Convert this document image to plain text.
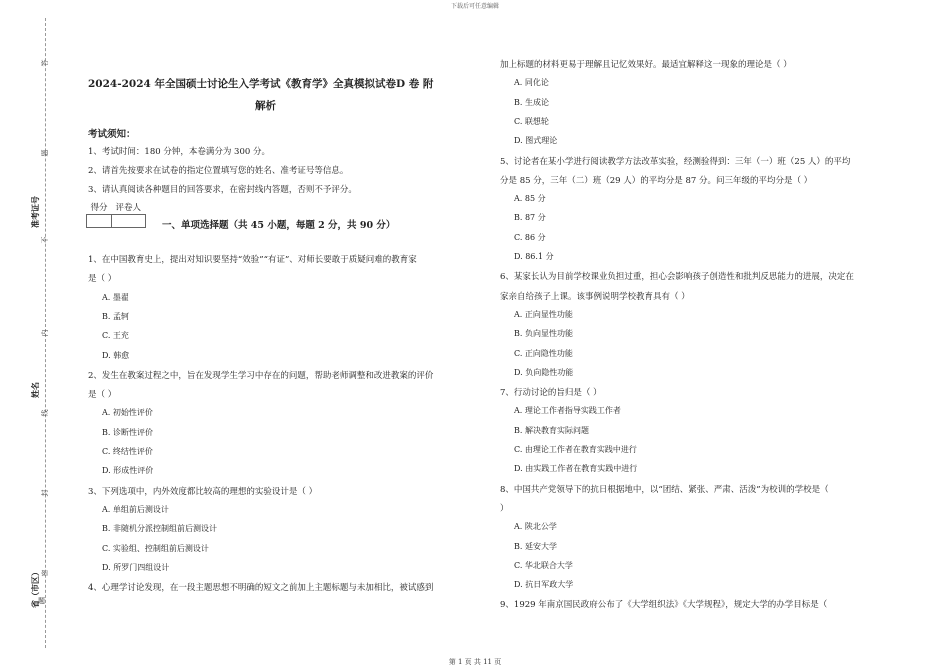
下载后可任意编辑
答
题
不
内
线
封
密
准考证号
姓名
省（市区）
题
2024-2024 年全国硕士讨论生入学考试《教育学》全真模拟试卷D 卷 附
解析
考试须知：
1、考试时间：180 分钟，本卷满分为 300 分。
2、请首先按要求在试卷的指定位置填写您的姓名、准考证号等信息。
3、请认真阅读各种题目的回答要求，在密封线内答题，否则不予评分。
得分	评卷人

一、单项选择题（共 45 小题，每题 2 分，共 90 分）
1、在中国教育史上，提出对知识要坚持“效验”“有证”、对师长要敢于质疑问难的教育家
是（ ）
A. 墨翟
B. 孟轲
C. 王充
D. 韩愈
2、发生在教案过程之中，旨在发现学生学习中存在的问题，帮助老师调整和改进教案的评价
是（ ）
A. 初始性评价
B. 诊断性评价
C. 终结性评价
D. 形成性评价
3、下列选项中，内外效度都比较高的理想的实验设计是（ ）
A. 单组前后测设计
B. 非随机分派控制组前后测设计
C. 实验组、控制组前后测设计
D. 所罗门四组设计
4、心理学讨论发现，在一段主题思想不明确的短文之前加上主题标题与未加相比，被试感到
加上标题的材料更易于理解且记忆效果好。最适宜解释这一现象的理论是（ ）
A. 同化论
B. 生成论
C. 联想轮
D. 图式理论
5、讨论者在某小学进行阅读教学方法改革实验，经测验得到：三年（一）班（25 人）的平均
分是 85 分，三年（二）班（29 人）的平均分是 87 分。问三年级的平均分是（ ）
A. 85 分
B. 87 分
C. 86 分
D. 86.1 分
6、某家长认为目前学校课业负担过重，担心会影响孩子创造性和批判反思能力的进展，决定在
家亲自给孩子上课。该事例说明学校教育具有（ ）
A. 正向显性功能
B. 负向显性功能
C. 正向隐性功能
D. 负向隐性功能
7、行动讨论的旨归是（ ）
A. 理论工作者指导实践工作者
B. 解决教育实际问题
C. 由理论工作者在教育实践中进行
D. 由实践工作者在教育实践中进行
8、中国共产党领导下的抗日根据地中，以“团结、紧张、严肃、活泼”为校训的学校是（
）
A. 陕北公学
B. 延安大学
C. 华北联合大学
D. 抗日军政大学
9、1929 年南京国民政府公布了《大学组织法》《大学规程》，规定大学的办学目标是（
第 1 页 共 11 页
